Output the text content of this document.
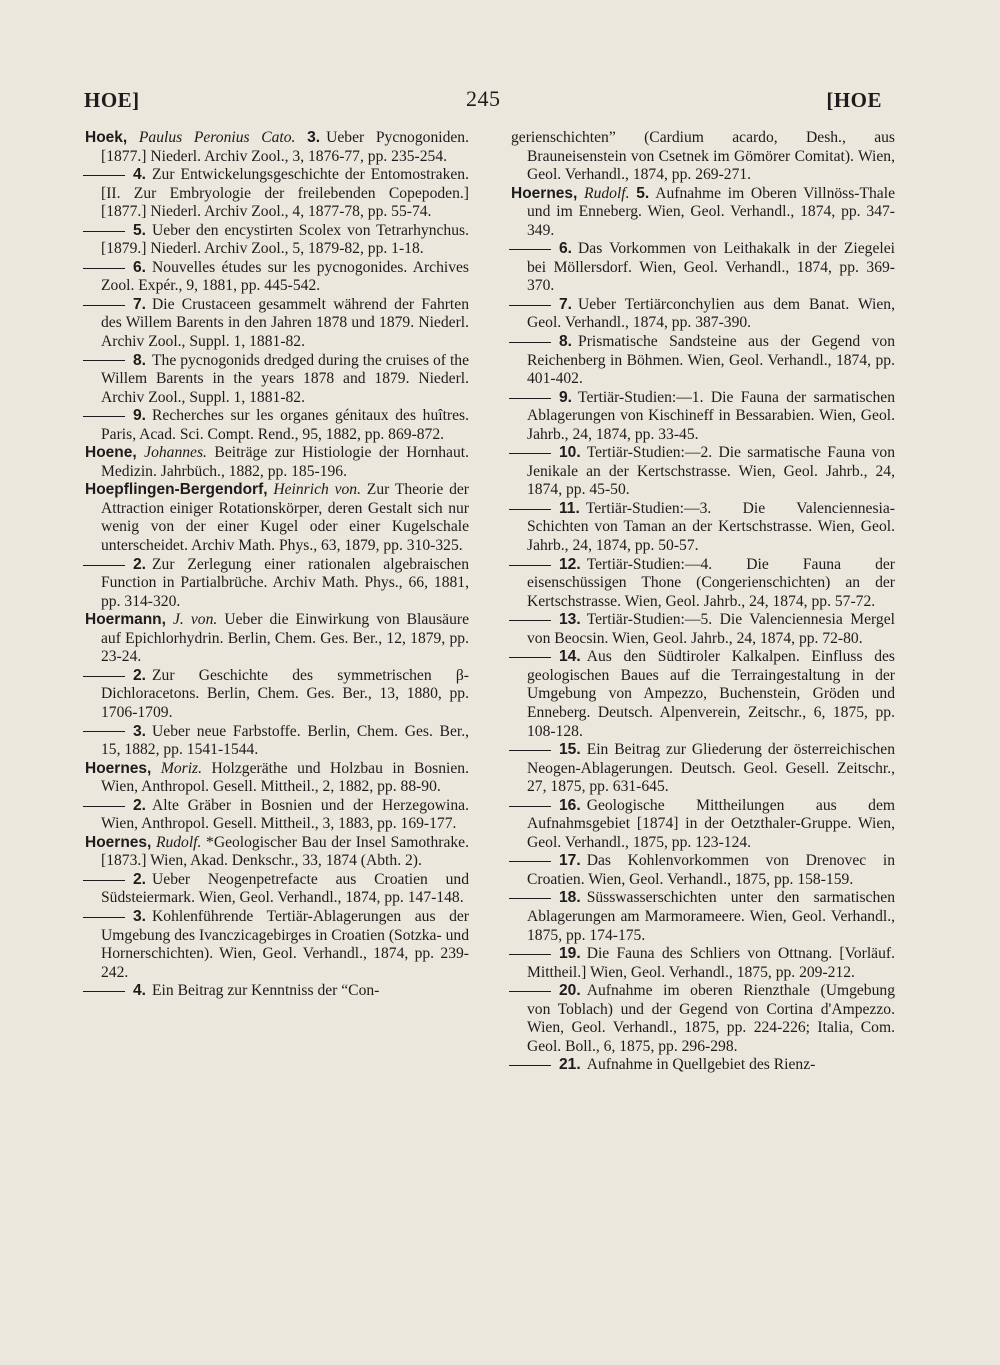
HOE]	245	[HOE

Hoek, Paulus Peronius Cato. 3. Ueber Pycnogoniden. [1877.] Niederl. Archiv Zool., 3, 1876-77, pp. 235-254.

4. Zur Entwickelungsgeschichte der Entomostraken. [II. Zur Embryologie der freilebenden Copepoden.] [1877.] Niederl. Archiv Zool., 4, 1877-78, pp. 55-74.

5. Ueber den encystirten Scolex von Tetrarhynchus. [1879.] Niederl. Archiv Zool., 5, 1879-82, pp. 1-18.

6. Nouvelles études sur les pycnogonides. Archives Zool. Expér., 9, 1881, pp. 445-542.

7. Die Crustaceen gesammelt während der Fahrten des Willem Barents in den Jahren 1878 und 1879. Niederl. Archiv Zool., Suppl. 1, 1881-82.

8. The pycnogonids dredged during the cruises of the Willem Barents in the years 1878 and 1879. Niederl. Archiv Zool., Suppl. 1, 1881-82.

9. Recherches sur les organes génitaux des huîtres. Paris, Acad. Sci. Compt. Rend., 95, 1882, pp. 869-872.

Hoene, Johannes. Beiträge zur Histiologie der Hornhaut. Medizin. Jahrbüch., 1882, pp. 185-196.

Hoepflingen-Bergendorf, Heinrich von. Zur Theorie der Attraction einiger Rotationskörper, deren Gestalt sich nur wenig von der einer Kugel oder einer Kugelschale unterscheidet. Archiv Math. Phys., 63, 1879, pp. 310-325.

2. Zur Zerlegung einer rationalen algebraischen Function in Partialbrüche. Archiv Math. Phys., 66, 1881, pp. 314-320.

Hoermann, J. von. Ueber die Einwirkung von Blausäure auf Epichlorhydrin. Berlin, Chem. Ges. Ber., 12, 1879, pp. 23-24.

2. Zur Geschichte des symmetrischen β-Dichloracetons. Berlin, Chem. Ges. Ber., 13, 1880, pp. 1706-1709.

3. Ueber neue Farbstoffe. Berlin, Chem. Ges. Ber., 15, 1882, pp. 1541-1544.

Hoernes, Moriz. Holzgeräthe und Holzbau in Bosnien. Wien, Anthropol. Gesell. Mittheil., 2, 1882, pp. 88-90.

2. Alte Gräber in Bosnien und der Herzegowina. Wien, Anthropol. Gesell. Mittheil., 3, 1883, pp. 169-177.

Hoernes, Rudolf. *Geologischer Bau der Insel Samothrake. [1873.] Wien, Akad. Denkschr., 33, 1874 (Abth. 2).

2. Ueber Neogenpetrefacte aus Croatien und Südsteiermark. Wien, Geol. Verhandl., 1874, pp. 147-148.

3. Kohlenführende Tertiär-Ablagerungen aus der Umgebung des Ivanczicagebirges in Croatien (Sotzka- und Hornerschichten). Wien, Geol. Verhandl., 1874, pp. 239-242.

4. Ein Beitrag zur Kenntniss der “Con-

gerienschichten” (Cardium acardo, Desh., aus Brauneisenstein von Csetnek im Gömörer Comitat). Wien, Geol. Verhandl., 1874, pp. 269-271.

Hoernes, Rudolf. 5. Aufnahme im Oberen Villnöss-Thale und im Enneberg. Wien, Geol. Verhandl., 1874, pp. 347-349.

6. Das Vorkommen von Leithakalk in der Ziegelei bei Möllersdorf. Wien, Geol. Verhandl., 1874, pp. 369-370.

7. Ueber Tertiärconchylien aus dem Banat. Wien, Geol. Verhandl., 1874, pp. 387-390.

8. Prismatische Sandsteine aus der Gegend von Reichenberg in Böhmen. Wien, Geol. Verhandl., 1874, pp. 401-402.

9. Tertiär-Studien:—1. Die Fauna der sarmatischen Ablagerungen von Kischineff in Bessarabien. Wien, Geol. Jahrb., 24, 1874, pp. 33-45.

10. Tertiär-Studien:—2. Die sarmatische Fauna von Jenikale an der Kertschstrasse. Wien, Geol. Jahrb., 24, 1874, pp. 45-50.

11. Tertiär-Studien:—3. Die Valenciennesia-Schichten von Taman an der Kertschstrasse. Wien, Geol. Jahrb., 24, 1874, pp. 50-57.

12. Tertiär-Studien:—4. Die Fauna der eisenschüssigen Thone (Congerienschichten) an der Kertschstrasse. Wien, Geol. Jahrb., 24, 1874, pp. 57-72.

13. Tertiär-Studien:—5. Die Valenciennesia Mergel von Beocsin. Wien, Geol. Jahrb., 24, 1874, pp. 72-80.

14. Aus den Südtiroler Kalkalpen. Einfluss des geologischen Baues auf die Terraingestaltung in der Umgebung von Ampezzo, Buchenstein, Gröden und Enneberg. Deutsch. Alpenverein, Zeitschr., 6, 1875, pp. 108-128.

15. Ein Beitrag zur Gliederung der österreichischen Neogen-Ablagerungen. Deutsch. Geol. Gesell. Zeitschr., 27, 1875, pp. 631-645.

16. Geologische Mittheilungen aus dem Aufnahmsgebiet [1874] in der Oetzthaler-Gruppe. Wien, Geol. Verhandl., 1875, pp. 123-124.

17. Das Kohlenvorkommen von Drenovec in Croatien. Wien, Geol. Verhandl., 1875, pp. 158-159.

18. Süsswasserschichten unter den sarmatischen Ablagerungen am Marmorameere. Wien, Geol. Verhandl., 1875, pp. 174-175.

19. Die Fauna des Schliers von Ottnang. [Vorläuf. Mittheil.] Wien, Geol. Verhandl., 1875, pp. 209-212.

20. Aufnahme im oberen Rienzthale (Umgebung von Toblach) und der Gegend von Cortina d'Ampezzo. Wien, Geol. Verhandl., 1875, pp. 224-226; Italia, Com. Geol. Boll., 6, 1875, pp. 296-298.

21. Aufnahme in Quellgebiet des Rienz-
